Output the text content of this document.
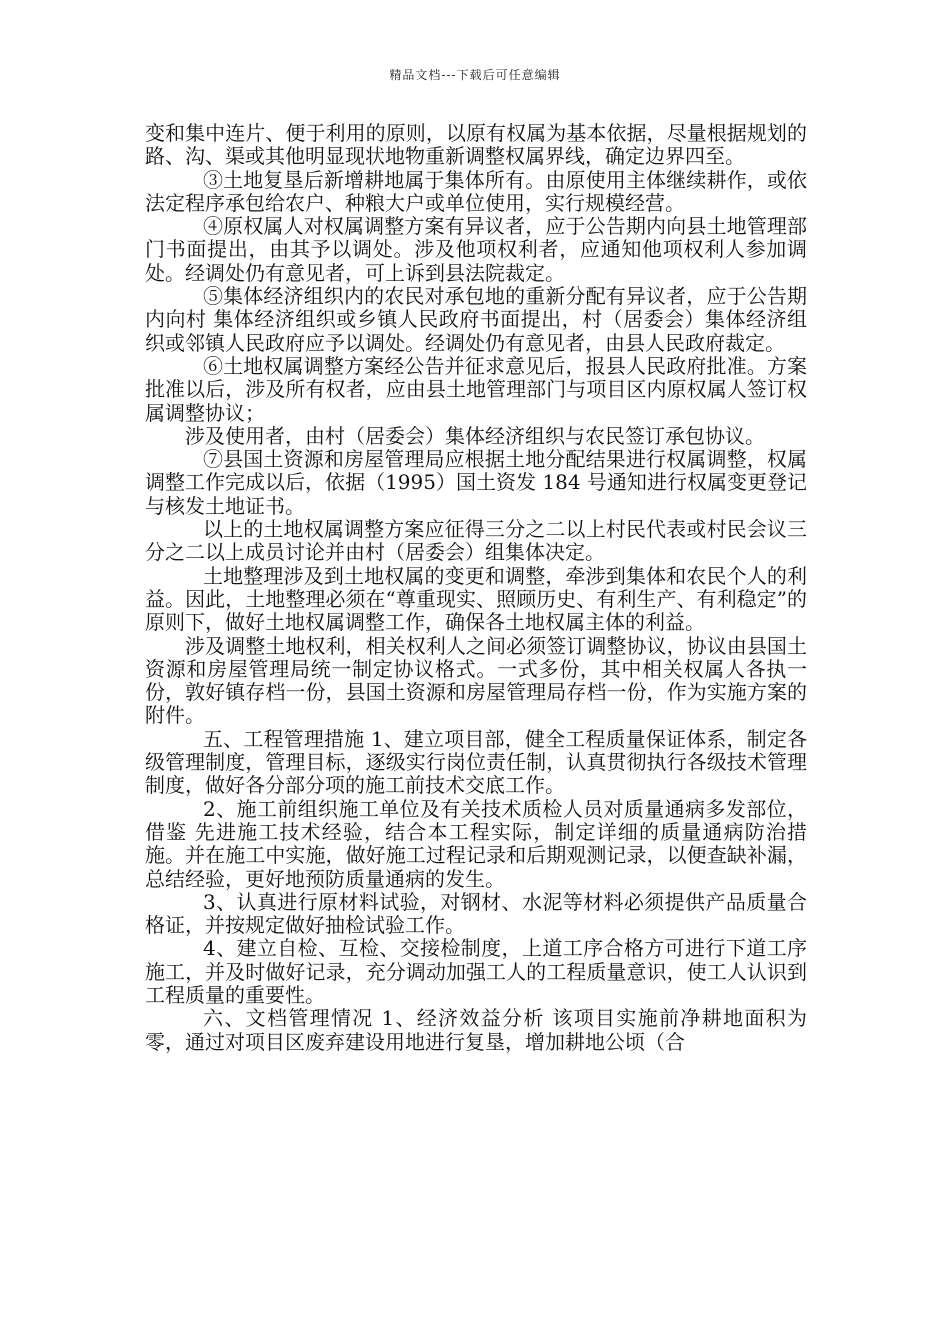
精品文档---下载后可任意编辑

变和集中连片、便于利用的原则，以原有权属为基本依据，尽量根据规划的路、沟、渠或其他明显现状地物重新调整权属界线，确定边界四至。

③土地复垦后新增耕地属于集体所有。由原使用主体继续耕作，或依法定程序承包给农户、种粮大户或单位使用，实行规模经营。

④原权属人对权属调整方案有异议者，应于公告期内向县土地管理部门书面提出，由其予以调处。涉及他项权利者，应通知他项权利人参加调处。经调处仍有意见者，可上诉到县法院裁定。

⑤集体经济组织内的农民对承包地的重新分配有异议者，应于公告期内向村 集体经济组织或乡镇人民政府书面提出，村（居委会）集体经济组织或邻镇人民政府应予以调处。经调处仍有意见者，由县人民政府裁定。

⑥土地权属调整方案经公告并征求意见后，报县人民政府批准。方案批准以后，涉及所有权者，应由县土地管理部门与项目区内原权属人签订权属调整协议；

涉及使用者，由村（居委会）集体经济组织与农民签订承包协议。

⑦县国土资源和房屋管理局应根据土地分配结果进行权属调整，权属调整工作完成以后，依据（1995）国土资发 184 号通知进行权属变更登记与核发土地证书。

以上的土地权属调整方案应征得三分之二以上村民代表或村民会议三分之二以上成员讨论并由村（居委会）组集体决定。

土地整理涉及到土地权属的变更和调整，牵涉到集体和农民个人的利益。因此，土地整理必须在“尊重现实、照顾历史、有利生产、有利稳定”的原则下，做好土地权属调整工作，确保各土地权属主体的利益。

涉及调整土地权利，相关权利人之间必须签订调整协议，协议由县国土资源和房屋管理局统一制定协议格式。一式多份，其中相关权属人各执一份，敦好镇存档一份，县国土资源和房屋管理局存档一份，作为实施方案的附件。

五、工程管理措施 1、建立项目部，健全工程质量保证体系，制定各级管理制度，管理目标，逐级实行岗位责任制，认真贯彻执行各级技术管理制度，做好各分部分项的施工前技术交底工作。

2、施工前组织施工单位及有关技术质检人员对质量通病多发部位，借鉴 先进施工技术经验，结合本工程实际，制定详细的质量通病防治措施。并在施工中实施，做好施工过程记录和后期观测记录，以便查缺补漏，总结经验，更好地预防质量通病的发生。

3、认真进行原材料试验，对钢材、水泥等材料必须提供产品质量合格证，并按规定做好抽检试验工作。

4、建立自检、互检、交接检制度，上道工序合格方可进行下道工序施工，并及时做好记录，充分调动加强工人的工程质量意识，使工人认识到工程质量的重要性。

六、文档管理情况 1、经济效益分析 该项目实施前净耕地面积为零，通过对项目区废弃建设用地进行复垦，增加耕地公顷（合
